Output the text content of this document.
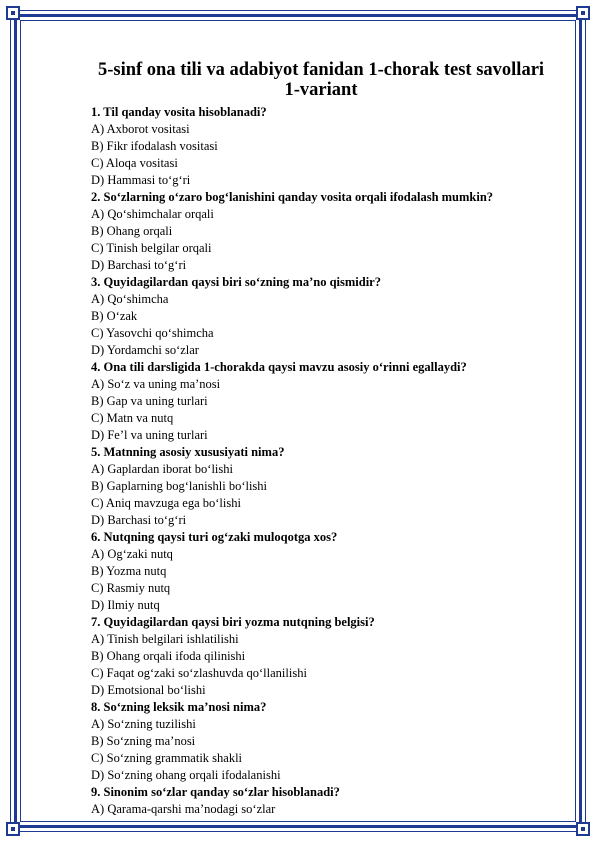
5-sinf ona tili va adabiyot fanidan 1-chorak test savollari
1-variant
1. Til qanday vosita hisoblanadi?
A) Axborot vositasi
B) Fikr ifodalash vositasi
C) Aloqa vositasi
D) Hammasi to‘g‘ri
2. So‘zlarning o‘zaro bog‘lanishini qanday vosita orqali ifodalash mumkin?
A) Qo‘shimchalar orqali
B) Ohang orqali
C) Tinish belgilar orqali
D) Barchasi to‘g‘ri
3. Quyidagilardan qaysi biri so‘zning ma’no qismidir?
A) Qo‘shimcha
B) O‘zak
C) Yasovchi qo‘shimcha
D) Yordamchi so‘zlar
4. Ona tili darsligida 1-chorakda qaysi mavzu asosiy o‘rinni egallaydi?
A) So‘z va uning ma’nosi
B) Gap va uning turlari
C) Matn va nutq
D) Fe’l va uning turlari
5. Matnning asosiy xususiyati nima?
A) Gaplardan iborat bo‘lishi
B) Gaplarning bog‘lanishli bo‘lishi
C) Aniq mavzuga ega bo‘lishi
D) Barchasi to‘g‘ri
6. Nutqning qaysi turi og‘zaki muloqotga xos?
A) Og‘zaki nutq
B) Yozma nutq
C) Rasmiy nutq
D) Ilmiy nutq
7. Quyidagilardan qaysi biri yozma nutqning belgisi?
A) Tinish belgilari ishlatilishi
B) Ohang orqali ifoda qilinishi
C) Faqat og‘zaki so‘zlashuvda qo‘llanilishi
D) Emotsional bo‘lishi
8. So‘zning leksik ma’nosi nima?
A) So‘zning tuzilishi
B) So‘zning ma’nosi
C) So‘zning grammatik shakli
D) So‘zning ohang orqali ifodalanishi
9. Sinonim so‘zlar qanday so‘zlar hisoblanadi?
A) Qarama-qarshi ma’nodagi so‘zlar
